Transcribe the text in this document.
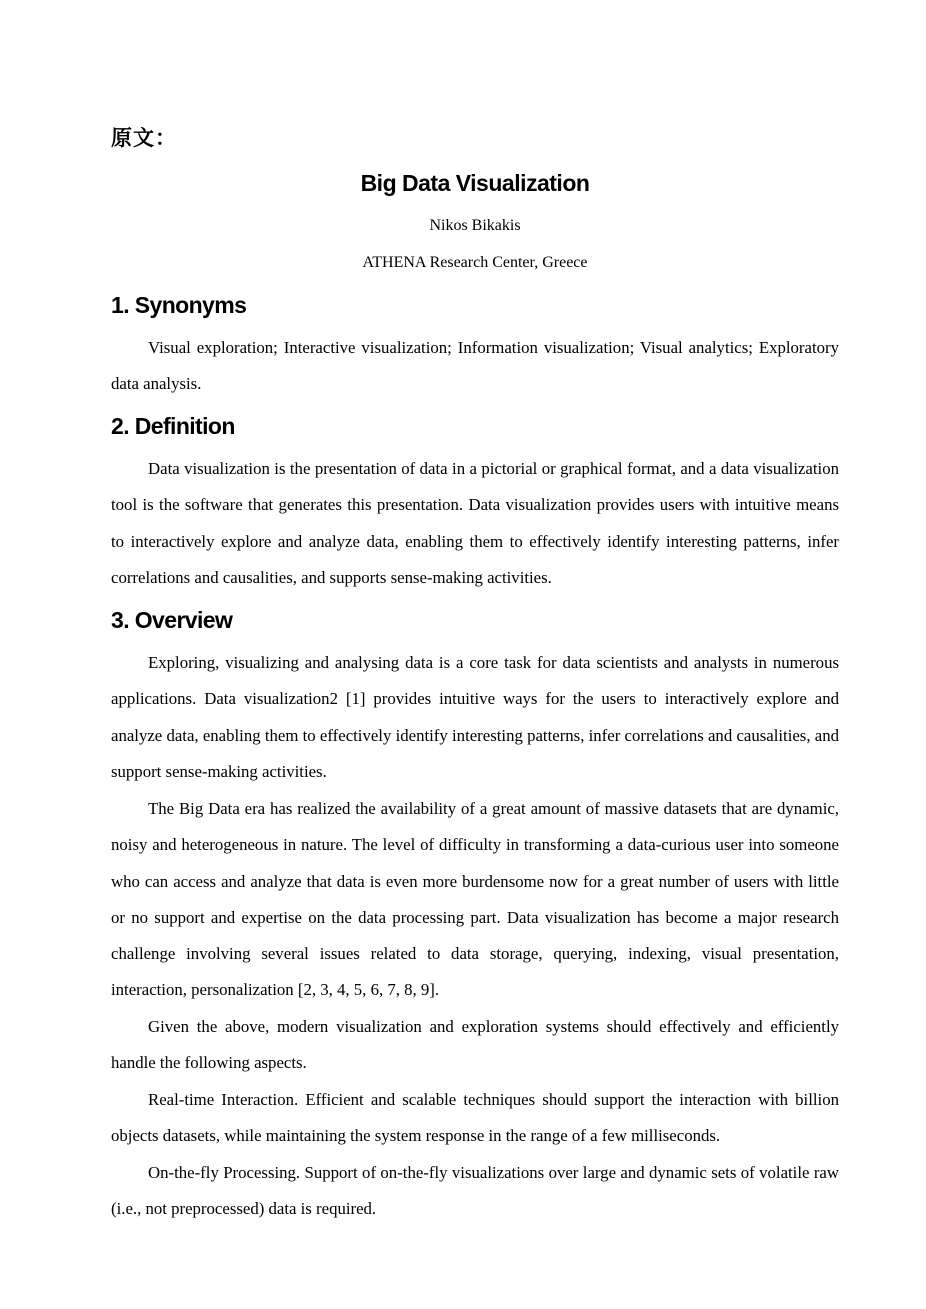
原文：
Big Data Visualization
Nikos Bikakis
ATHENA Research Center, Greece
1. Synonyms

Visual exploration; Interactive visualization; Information visualization; Visual analytics; Exploratory data analysis.

2. Definition

Data visualization is the presentation of data in a pictorial or graphical format, and a data visualization tool is the software that generates this presentation. Data visualization provides users with intuitive means to interactively explore and analyze data, enabling them to effectively identify interesting patterns, infer correlations and causalities, and supports sense-making activities.

3. Overview

Exploring, visualizing and analysing data is a core task for data scientists and analysts in numerous applications. Data visualization2 [1] provides intuitive ways for the users to interactively explore and analyze data, enabling them to effectively identify interesting patterns, infer correlations and causalities, and support sense-making activities.

The Big Data era has realized the availability of a great amount of massive datasets that are dynamic, noisy and heterogeneous in nature. The level of difficulty in transforming a data-curious user into someone who can access and analyze that data is even more burdensome now for a great number of users with little or no support and expertise on the data processing part. Data visualization has become a major research challenge involving several issues related to data storage, querying, indexing, visual presentation, interaction, personalization [2, 3, 4, 5, 6, 7, 8, 9].

Given the above, modern visualization and exploration systems should effectively and efficiently handle the following aspects.

Real-time Interaction. Efficient and scalable techniques should support the interaction with billion objects datasets, while maintaining the system response in the range of a few milliseconds.

On-the-fly Processing. Support of on-the-fly visualizations over large and dynamic sets of volatile raw (i.e., not preprocessed) data is required.
